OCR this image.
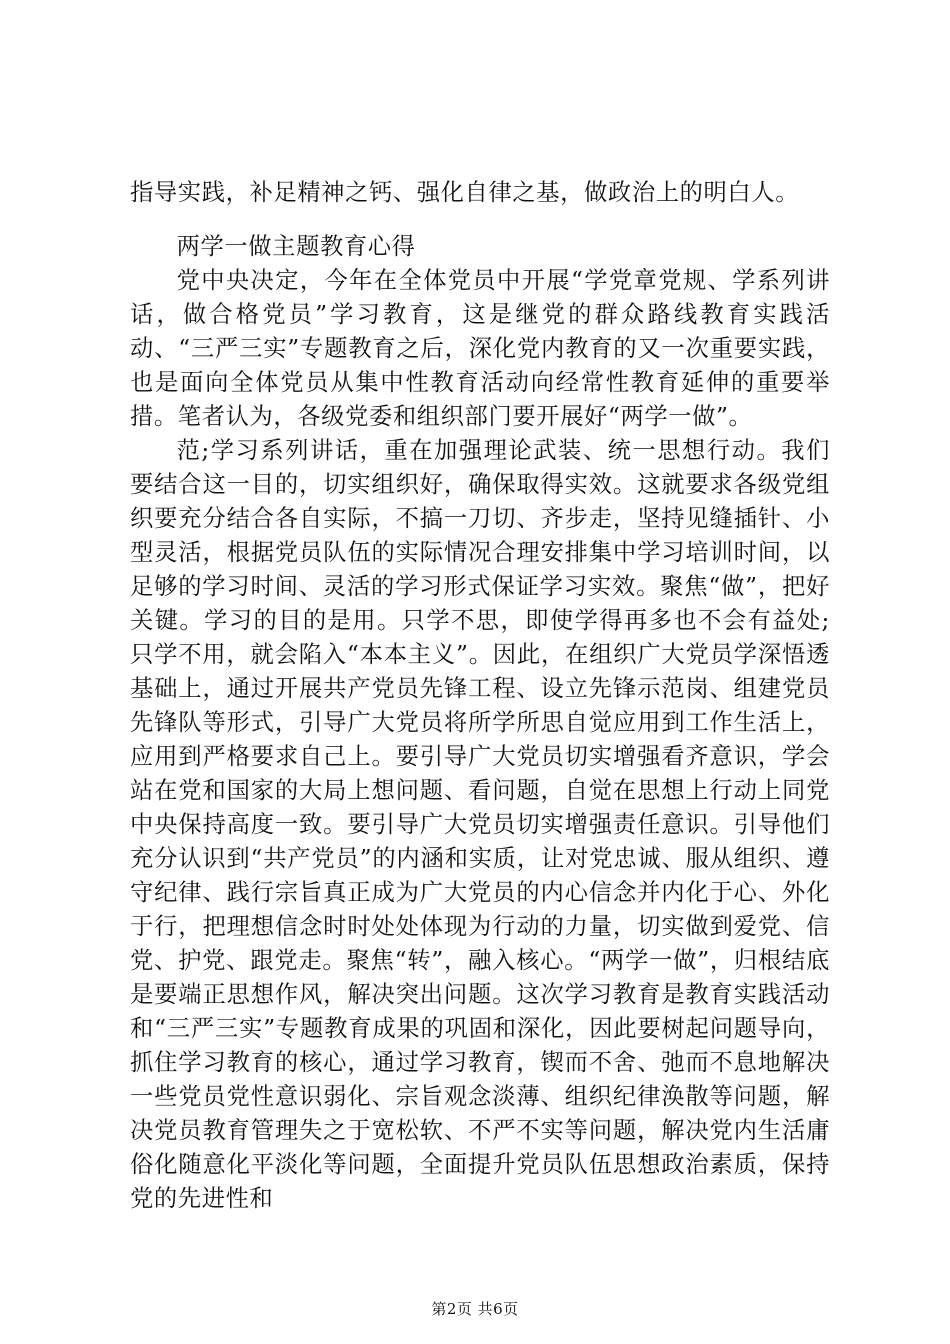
指导实践，补足精神之钙、强化自律之基，做政治上的明白人。

两学一做主题教育心得

党中央决定，今年在全体党员中开展“学党章党规、学系列讲话，做合格党员”学习教育，这是继党的群众路线教育实践活动、“三严三实”专题教育之后，深化党内教育的又一次重要实践，也是面向全体党员从集中性教育活动向经常性教育延伸的重要举措。笔者认为，各级党委和组织部门要开展好“两学一做”。

范;学习系列讲话，重在加强理论武装、统一思想行动。我们要结合这一目的，切实组织好，确保取得实效。这就要求各级党组织要充分结合各自实际，不搞一刀切、齐步走，坚持见缝插针、小型灵活，根据党员队伍的实际情况合理安排集中学习培训时间，以足够的学习时间、灵活的学习形式保证学习实效。聚焦“做”，把好关键。学习的目的是用。只学不思，即使学得再多也不会有益处;只学不用，就会陷入“本本主义”。因此，在组织广大党员学深悟透基础上，通过开展共产党员先锋工程、设立先锋示范岗、组建党员先锋队等形式，引导广大党员将所学所思自觉应用到工作生活上，应用到严格要求自己上。要引导广大党员切实增强看齐意识，学会站在党和国家的大局上想问题、看问题，自觉在思想上行动上同党中央保持高度一致。要引导广大党员切实增强责任意识。引导他们充分认识到“共产党员”的内涵和实质，让对党忠诚、服从组织、遵守纪律、践行宗旨真正成为广大党员的内心信念并内化于心、外化于行，把理想信念时时处处体现为行动的力量，切实做到爱党、信党、护党、跟党走。聚焦“转”，融入核心。“两学一做”，归根结底是要端正思想作风，解决突出问题。这次学习教育是教育实践活动和“三严三实”专题教育成果的巩固和深化，因此要树起问题导向，抓住学习教育的核心，通过学习教育，锲而不舍、弛而不息地解决一些党员党性意识弱化、宗旨观念淡薄、组织纪律涣散等问题，解决党员教育管理失之于宽松软、不严不实等问题，解决党内生活庸俗化随意化平淡化等问题，全面提升党员队伍思想政治素质，保持党的先进性和

第2页 共6页
